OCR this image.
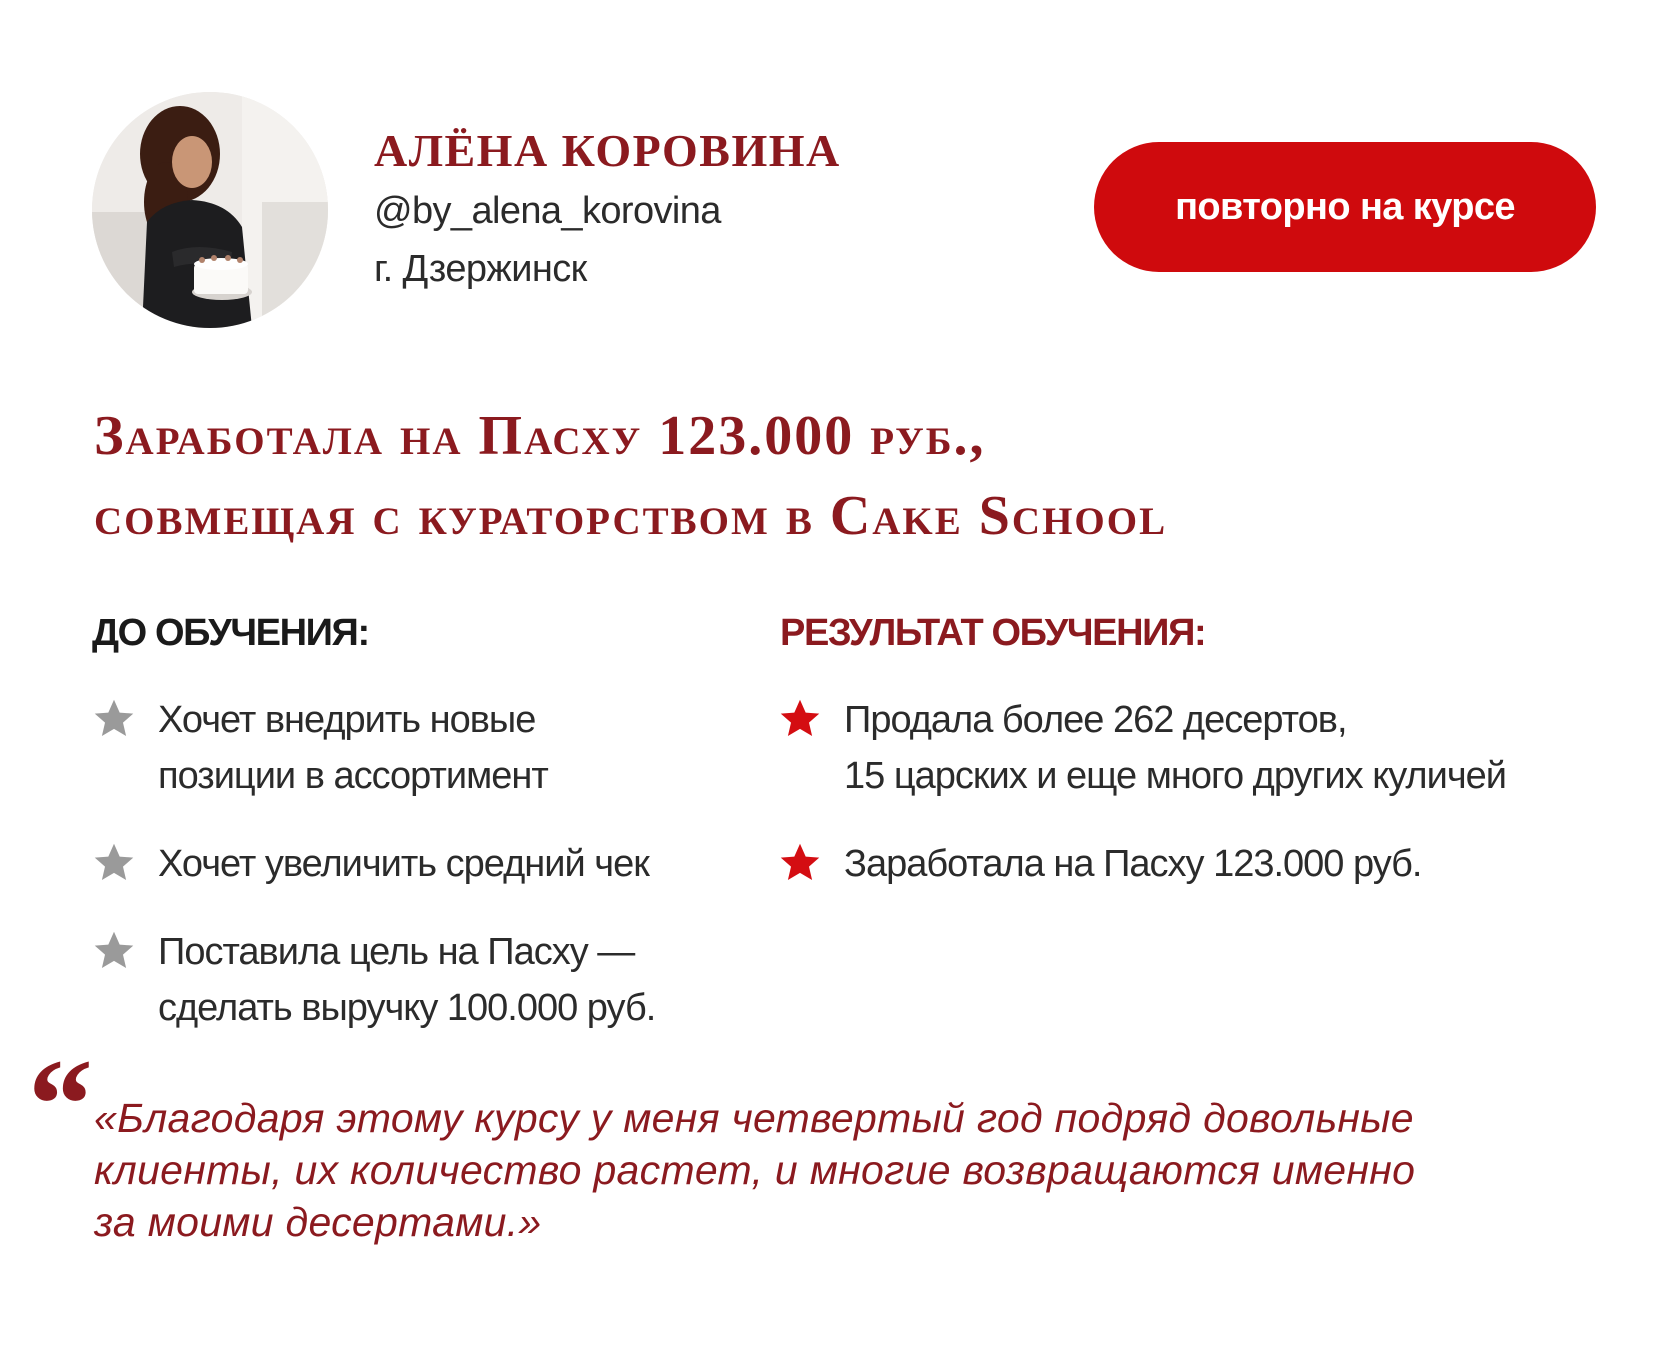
АЛЁНА КОРОВИНА

@by_alena_korovina

г. Дзержинск

повторно на курсе
Заработала на Пасху 123.000 руб.,
совмещая с кураторством в Cake School
ДО ОБУЧЕНИЯ:
Хочет внедрить новые
позиции в ассортимент
Хочет увеличить средний чек
Поставила цель на Пасху —
сделать выручку 100.000 руб.
РЕЗУЛЬТАТ ОБУЧЕНИЯ:
Продала более 262 десертов,
15 царских и еще много других куличей
Заработала на Пасху 123.000 руб.
“ «Благодаря этому курсу у меня четвертый год подряд довольные
клиенты, их количество растет, и многие возвращаются именно
за моими десертами.»
